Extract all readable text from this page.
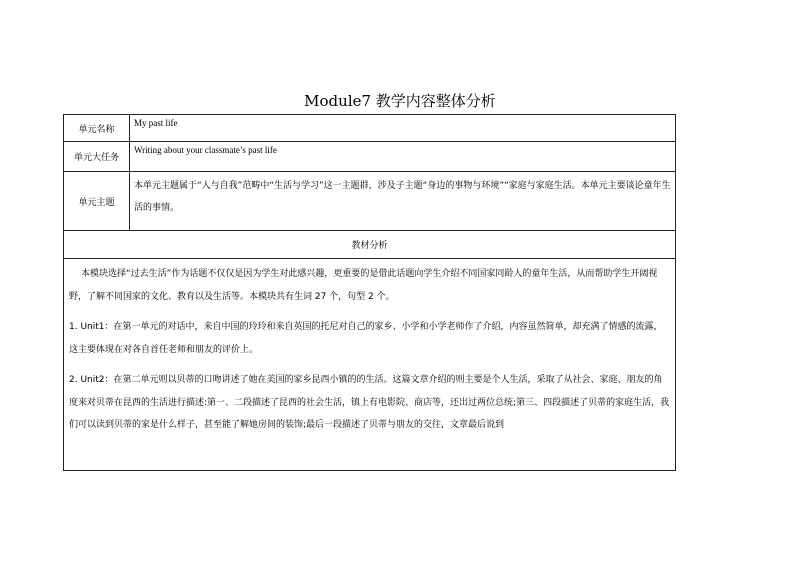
Module7 教学内容整体分析
单元名称	My past life
单元大任务	Writing about your classmate’s past life
单元主题	本单元主题属于“人与自我”范畴中“生活与学习”这一主题群，涉及子主题“身边的事物与环境”“家庭与家庭生活。本单元主要谈论童年生活的事情。
教材分析	

本模块选择“过去生活”作为话题不仅仅是因为学生对此感兴趣，更重要的是借此话题向学生介绍不同国家同龄人的童年生活，从而帮助学生开阔视野，了解不同国家的文化、教育以及生活等。本模块共有生词 27 个，句型 2 个。

1. Unit1：在第一单元的对话中，来自中国的玲玲和来自英国的托尼对自己的家乡、小学和小学老师作了介绍，内容虽然简单，却充满了情感的流露，这主要体现在对各自首任老师和朋友的评价上。

2. Unit2：在第二单元则以贝蒂的口吻讲述了她在美国的家乡昆西小镇的的生活。这篇文章介绍的则主要是个人生活，采取了从社会、家庭、朋友的角度来对贝蒂在昆西的生活进行描述:第一、二段描述了昆西的社会生活，镇上有电影院、商店等，还出过两位总统;第三、四段描述了贝蒂的家庭生活，我们可以读到贝蒂的家是什么样子，甚至能了解她房间的装饰;最后一段描述了贝蒂与朋友的交往，文章最后说到	
